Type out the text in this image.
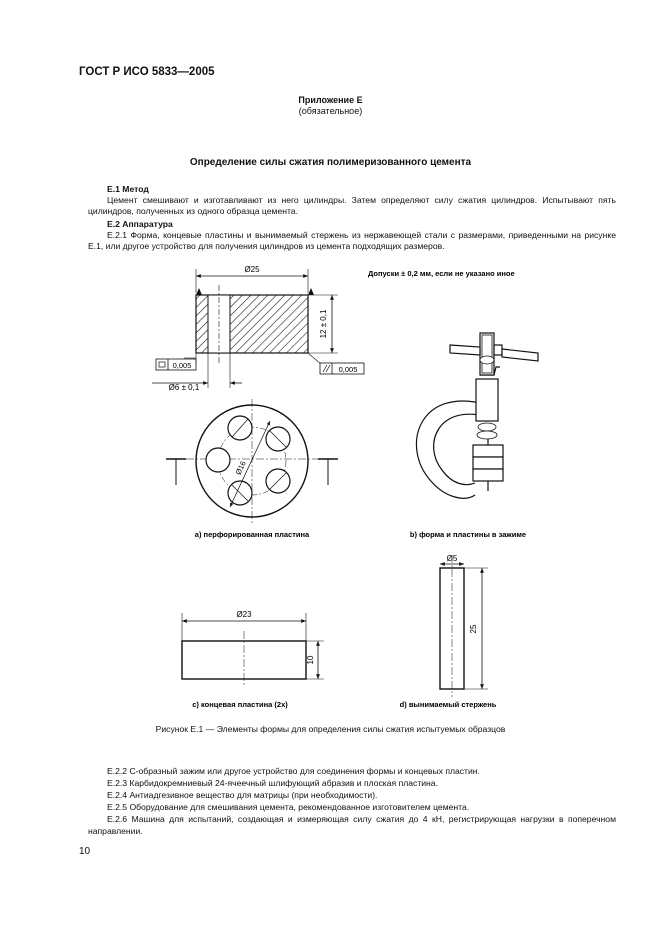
ГОСТ Р ИСО 5833—2005
Приложение Е
(обязательное)
Определение силы сжатия полимеризованного цемента
Е.1 Метод
Цемент смешивают и изготавливают из него цилиндры. Затем определяют силу сжатия цилиндров. Испытывают пять цилиндров, полученных из одного образца цемента.
Е.2 Аппаратура
Е.2.1 Форма, концевые пластины и вынимаемый стержень из нержавеющей стали с размерами, приведенными на рисунке Е.1, или другое устройство для получения цилиндров из цемента подходящих размеров.
Допуски ± 0,2 мм, если не указано иное
Ø25
12 ± 0,1
0,005	0,005
Ø6 ± 0,1
Ø16
а) перфорированная пластина	b) форма и пластины в зажиме
Ø23
10
с) концевая пластина (2х)
Ø5
25
d) вынимаемый стержень
Рисунок Е.1 — Элементы формы для определения силы сжатия испытуемых образцов
Е.2.2 С-образный зажим или другое устройство для соединения формы и концевых пластин.
Е.2.3 Карбидокремниевый 24-ячеечный шлифующий абразив и плоская пластина.
Е.2.4 Антиадгезивное вещество для матрицы (при необходимости).
Е.2.5 Оборудование для смешивания цемента, рекомендованное изготовителем цемента.
Е.2.6 Машина для испытаний, создающая и измеряющая силу сжатия до 4 кН, регистрирующая нагрузки в поперечном направлении.
10
